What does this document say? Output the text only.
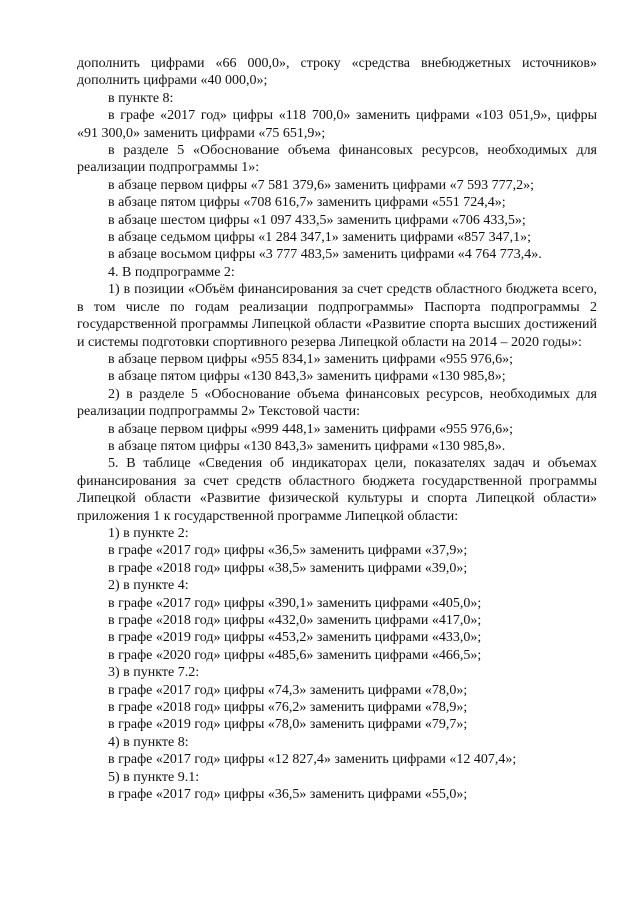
дополнить цифрами «66 000,0», строку «средства внебюджетных источников» дополнить цифрами «40 000,0»;

в пункте 8:

в графе «2017 год» цифры «118 700,0» заменить цифрами «103 051,9», цифры «91 300,0» заменить цифрами «75 651,9»;

в разделе 5 «Обоснование объема финансовых ресурсов, необходимых для реализации подпрограммы 1»:

в абзаце первом цифры «7 581 379,6» заменить цифрами «7 593 777,2»;

в абзаце пятом цифры «708 616,7» заменить цифрами «551 724,4»;

в абзаце шестом цифры «1 097 433,5» заменить цифрами «706 433,5»;

в абзаце седьмом цифры «1 284 347,1» заменить цифрами «857 347,1»;

в абзаце восьмом цифры «3 777 483,5» заменить цифрами «4 764 773,4».

4. В подпрограмме 2:

1) в позиции «Объём финансирования за счет средств областного бюджета всего, в том числе по годам реализации подпрограммы» Паспорта подпрограммы 2 государственной программы Липецкой области «Развитие спорта высших достижений и системы подготовки спортивного резерва Липецкой области на 2014 – 2020 годы»:

в абзаце первом цифры «955 834,1» заменить цифрами «955 976,6»;

в абзаце пятом цифры «130 843,3» заменить цифрами «130 985,8»;

2) в разделе 5 «Обоснование объема финансовых ресурсов, необходимых для реализации подпрограммы 2» Текстовой части:

в абзаце первом цифры «999 448,1» заменить цифрами «955 976,6»;

в абзаце пятом цифры «130 843,3» заменить цифрами «130 985,8».

5. В таблице «Сведения об индикаторах цели, показателях задач и объемах финансирования за счет средств областного бюджета государственной программы Липецкой области «Развитие физической культуры и спорта Липецкой области» приложения 1 к государственной программе Липецкой области:

1) в пункте 2:

в графе «2017 год» цифры «36,5» заменить цифрами «37,9»;

в графе «2018 год» цифры «38,5» заменить цифрами «39,0»;

2) в пункте 4:

в графе «2017 год» цифры «390,1» заменить цифрами «405,0»;

в графе «2018 год» цифры «432,0» заменить цифрами «417,0»;

в графе «2019 год» цифры «453,2» заменить цифрами «433,0»;

в графе «2020 год» цифры «485,6» заменить цифрами «466,5»;

3) в пункте 7.2:

в графе «2017 год» цифры «74,3» заменить цифрами «78,0»;

в графе «2018 год» цифры «76,2» заменить цифрами «78,9»;

в графе «2019 год» цифры «78,0» заменить цифрами «79,7»;

4) в пункте 8:

в графе «2017 год» цифры «12 827,4» заменить цифрами «12 407,4»;

5) в пункте 9.1:

в графе «2017 год» цифры «36,5» заменить цифрами «55,0»;
